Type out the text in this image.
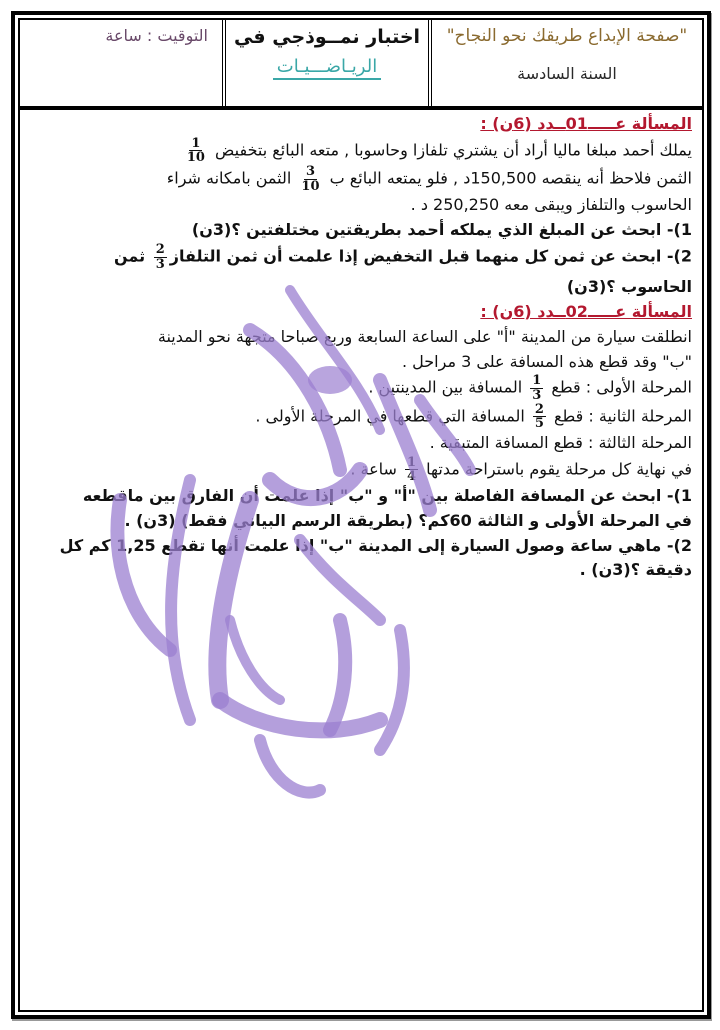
"صفحة الإبداع طريقك نحو النجاح"
السنة السادسة
اختبار نمــوذجي في
الريـاضـــيـات
التوقيت : ساعة
المسألة عـــــ01ــدد (6ن) :

يملك أحمد مبلغا ماليا أراد أن يشتري تلفازا وحاسوبا , متعه البائع بتخفيض
$\frac{1}{10}$

الثمن فلاحظ أنه ينقصه 150,500د , فلو يمتعه البائع ب
$\frac{3}{10}$
الثمن بامكانه شراء

الحاسوب والتلفاز ويبقى معه 250,250 د .

1)- ابحث عن المبلغ الذي يملكه أحمد بطريقتين مختلفتين ؟(3ن)

2)- ابحث عن ثمن كل منهما قبل التخفيض إذا علمت أن ثمن التلفاز
$\frac{2}{3}$
ثمن

الحاسوب ؟(3ن)

المسألة عـــــ02ــدد (6ن) :

انطلقت سيارة من المدينة "أ" على الساعة السابعة وربع صباحا متجهة نحو المدينة

"ب" وقد قطع هذه المسافة على 3 مراحل .

المرحلة الأولى : قطع
$\frac{1}{3}$
المسافة بين المدينتين .

المرحلة الثانية : قطع
$\frac{2}{5}$
المسافة التي قطعها في المرحلة الأولى .

المرحلة الثالثة : قطع المسافة المتبقية .

في نهاية كل مرحلة يقوم باستراحة مدتها
$\frac{1}{4}$
ساعة .

1)- ابحث عن المسافة الفاصلة بين "أ" و "ب" إذا علمت أن الفارق بين ماقطعه

في المرحلة الأولى و الثالثة 60كم؟ (بطريقة الرسم البياني فقط) (3ن) .

2)- ماهي ساعة وصول السيارة إلى المدينة "ب" إذا علمت أنها تقطع 1,25 كم كل

دقيقة ؟(3ن) .
